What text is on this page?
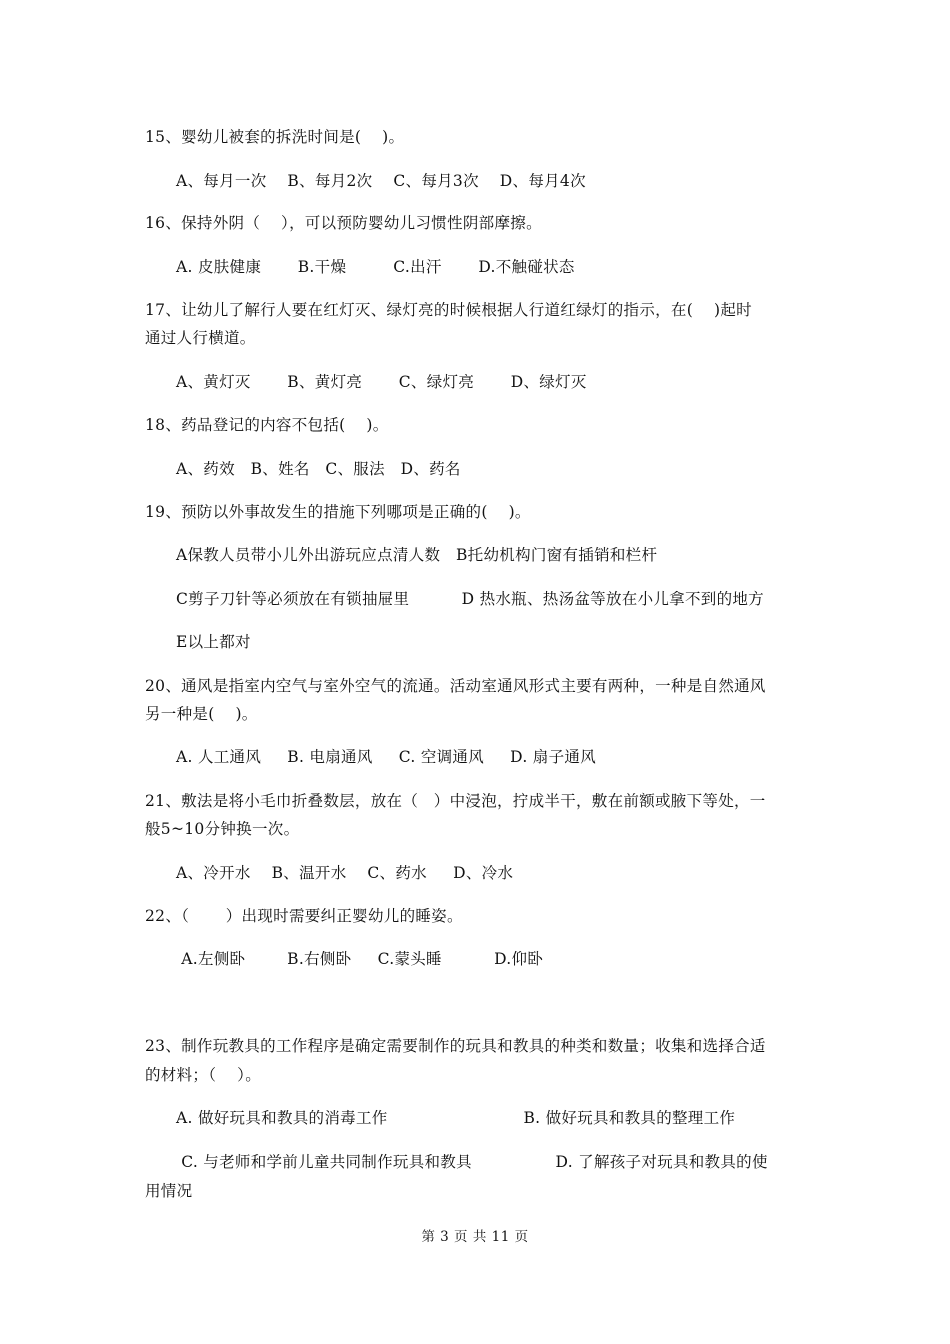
15、婴幼儿被套的拆洗时间是(    )。
A、每月一次    B、每月2次    C、每月3次    D、每月4次
16、保持外阴（    ），可以预防婴幼儿习惯性阴部摩擦。
A. 皮肤健康       B.干燥         C.出汗       D.不触碰状态
17、让幼儿了解行人要在红灯灭、绿灯亮的时候根据人行道红绿灯的指示，在(    )起时
通过人行横道。
A、黄灯灭       B、黄灯亮       C、绿灯亮       D、绿灯灭
18、药品登记的内容不包括(    )。
A、药效   B、姓名   C、服法   D、药名
19、预防以外事故发生的措施下列哪项是正确的(    )。
A保教人员带小儿外出游玩应点清人数   B托幼机构门窗有插销和栏杆
C剪子刀针等必须放在有锁抽屉里          D 热水瓶、热汤盆等放在小儿拿不到的地方
E以上都对
20、通风是指室内空气与室外空气的流通。活动室通风形式主要有两种，一种是自然通风
另一种是(    )。
A. 人工通风     B. 电扇通风     C. 空调通风     D. 扇子通风
21、敷法是将小毛巾折叠数层，放在（   ）中浸泡，拧成半干，敷在前额或腋下等处，一
般5~10分钟换一次。
A、冷开水    B、温开水    C、药水     D、冷水
22、（       ）出现时需要纠正婴幼儿的睡姿。
A.左侧卧        B.右侧卧     C.蒙头睡          D.仰卧
23、制作玩教具的工作程序是确定需要制作的玩具和教具的种类和数量；收集和选择合适
的材料；（    ）。
A. 做好玩具和教具的消毒工作                          B. 做好玩具和教具的整理工作
C. 与老师和学前儿童共同制作玩具和教具                D. 了解孩子对玩具和教具的使
用情况
第 3 页 共 11 页
